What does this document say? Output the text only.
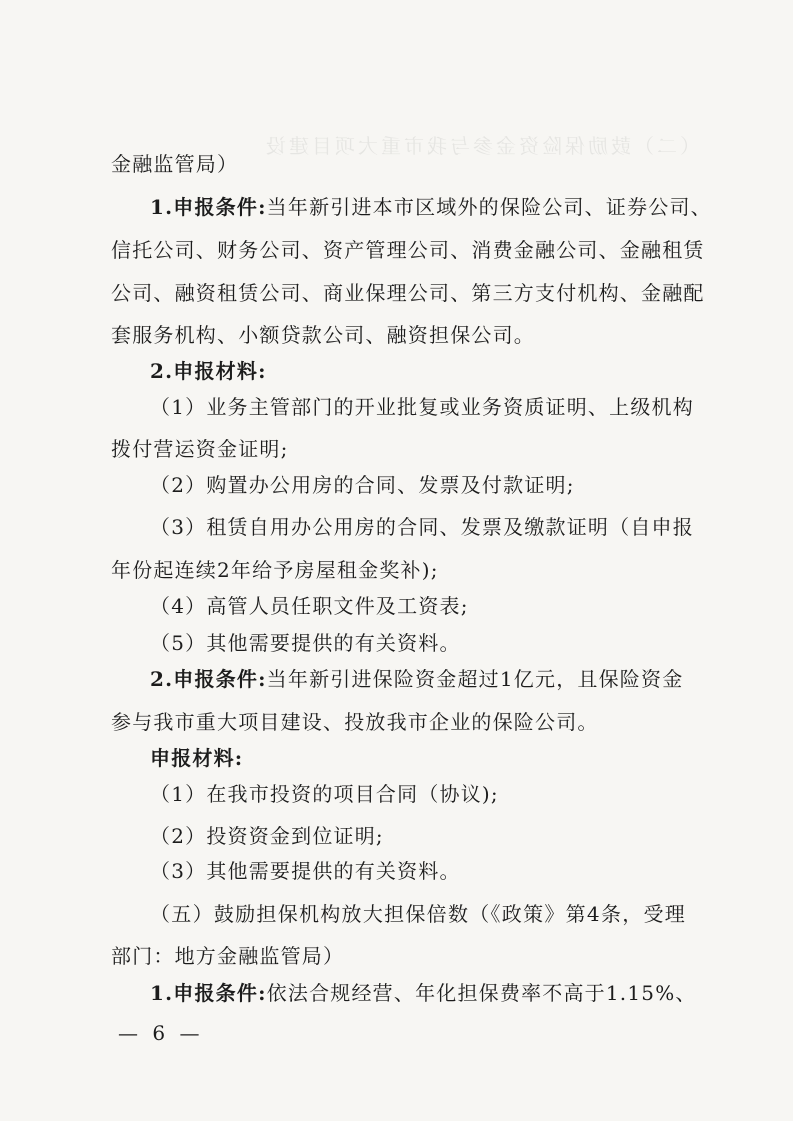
（二）鼓励保险资金参与我市重大项目建设
金融监管局）
1.申报条件:当年新引进本市区域外的保险公司、证券公司、
信托公司、财务公司、资产管理公司、消费金融公司、金融租赁
公司、融资租赁公司、商业保理公司、第三方支付机构、金融配
套服务机构、小额贷款公司、融资担保公司。
2.申报材料:
（1）业务主管部门的开业批复或业务资质证明、上级机构
拨付营运资金证明;
（2）购置办公用房的合同、发票及付款证明;
（3）租赁自用办公用房的合同、发票及缴款证明（自申报
年份起连续2年给予房屋租金奖补);
（4）高管人员任职文件及工资表;
（5）其他需要提供的有关资料。
2.申报条件:当年新引进保险资金超过1亿元，且保险资金
参与我市重大项目建设、投放我市企业的保险公司。
申报材料:
（1）在我市投资的项目合同（协议);
（2）投资资金到位证明;
（3）其他需要提供的有关资料。
（五）鼓励担保机构放大担保倍数（《政策》第4条，受理
部门：地方金融监管局）
1.申报条件:依法合规经营、年化担保费率不高于1.15%、
— 6 —
